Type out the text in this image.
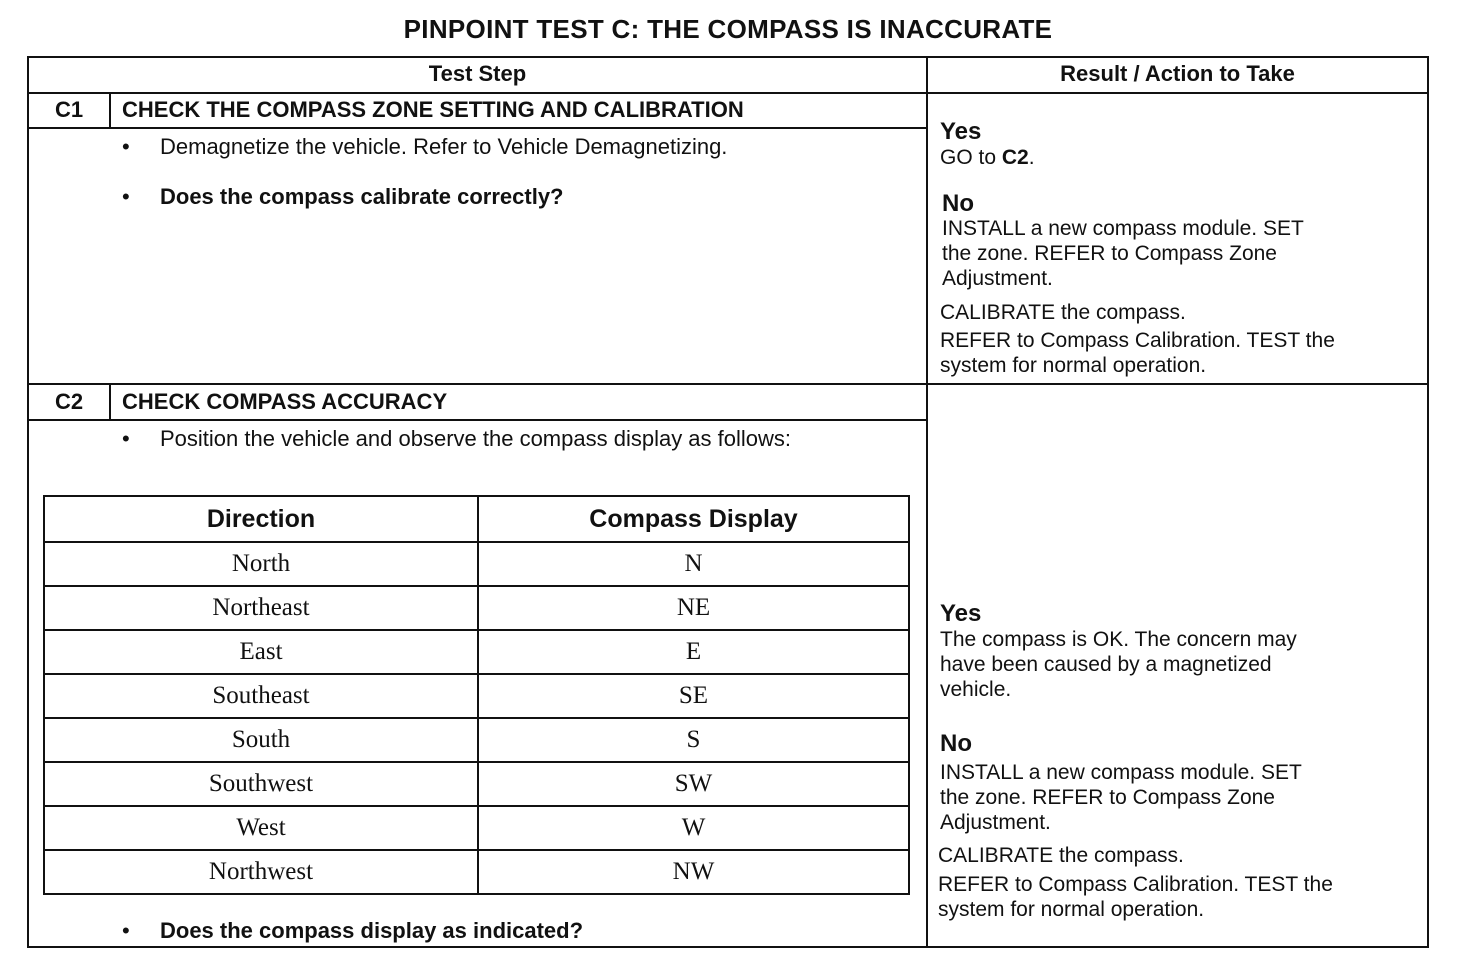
PINPOINT TEST C: THE COMPASS IS INACCURATE
Test Step	Result / Action to Take
C1	CHECK THE COMPASS ZONE SETTING AND CALIBRATION
• Demagnetize the vehicle. Refer to Vehicle Demagnetizing.
• Does the compass calibrate correctly?
Yes
GO to C2.
No
INSTALL a new compass module. SET
the zone. REFER to Compass Zone
Adjustment.
CALIBRATE the compass.
REFER to Compass Calibration. TEST the
system for normal operation.
C2	CHECK COMPASS ACCURACY
• Position the vehicle and observe the compass display as follows:
Direction	Compass Display
North	N
Northeast	NE
East	E
Southeast	SE
South	S
Southwest	SW
West	W
Northwest	NW
• Does the compass display as indicated?
Yes
The compass is OK. The concern may
have been caused by a magnetized
vehicle.
No
INSTALL a new compass module. SET
the zone. REFER to Compass Zone
Adjustment.
CALIBRATE the compass.
REFER to Compass Calibration. TEST the
system for normal operation.
